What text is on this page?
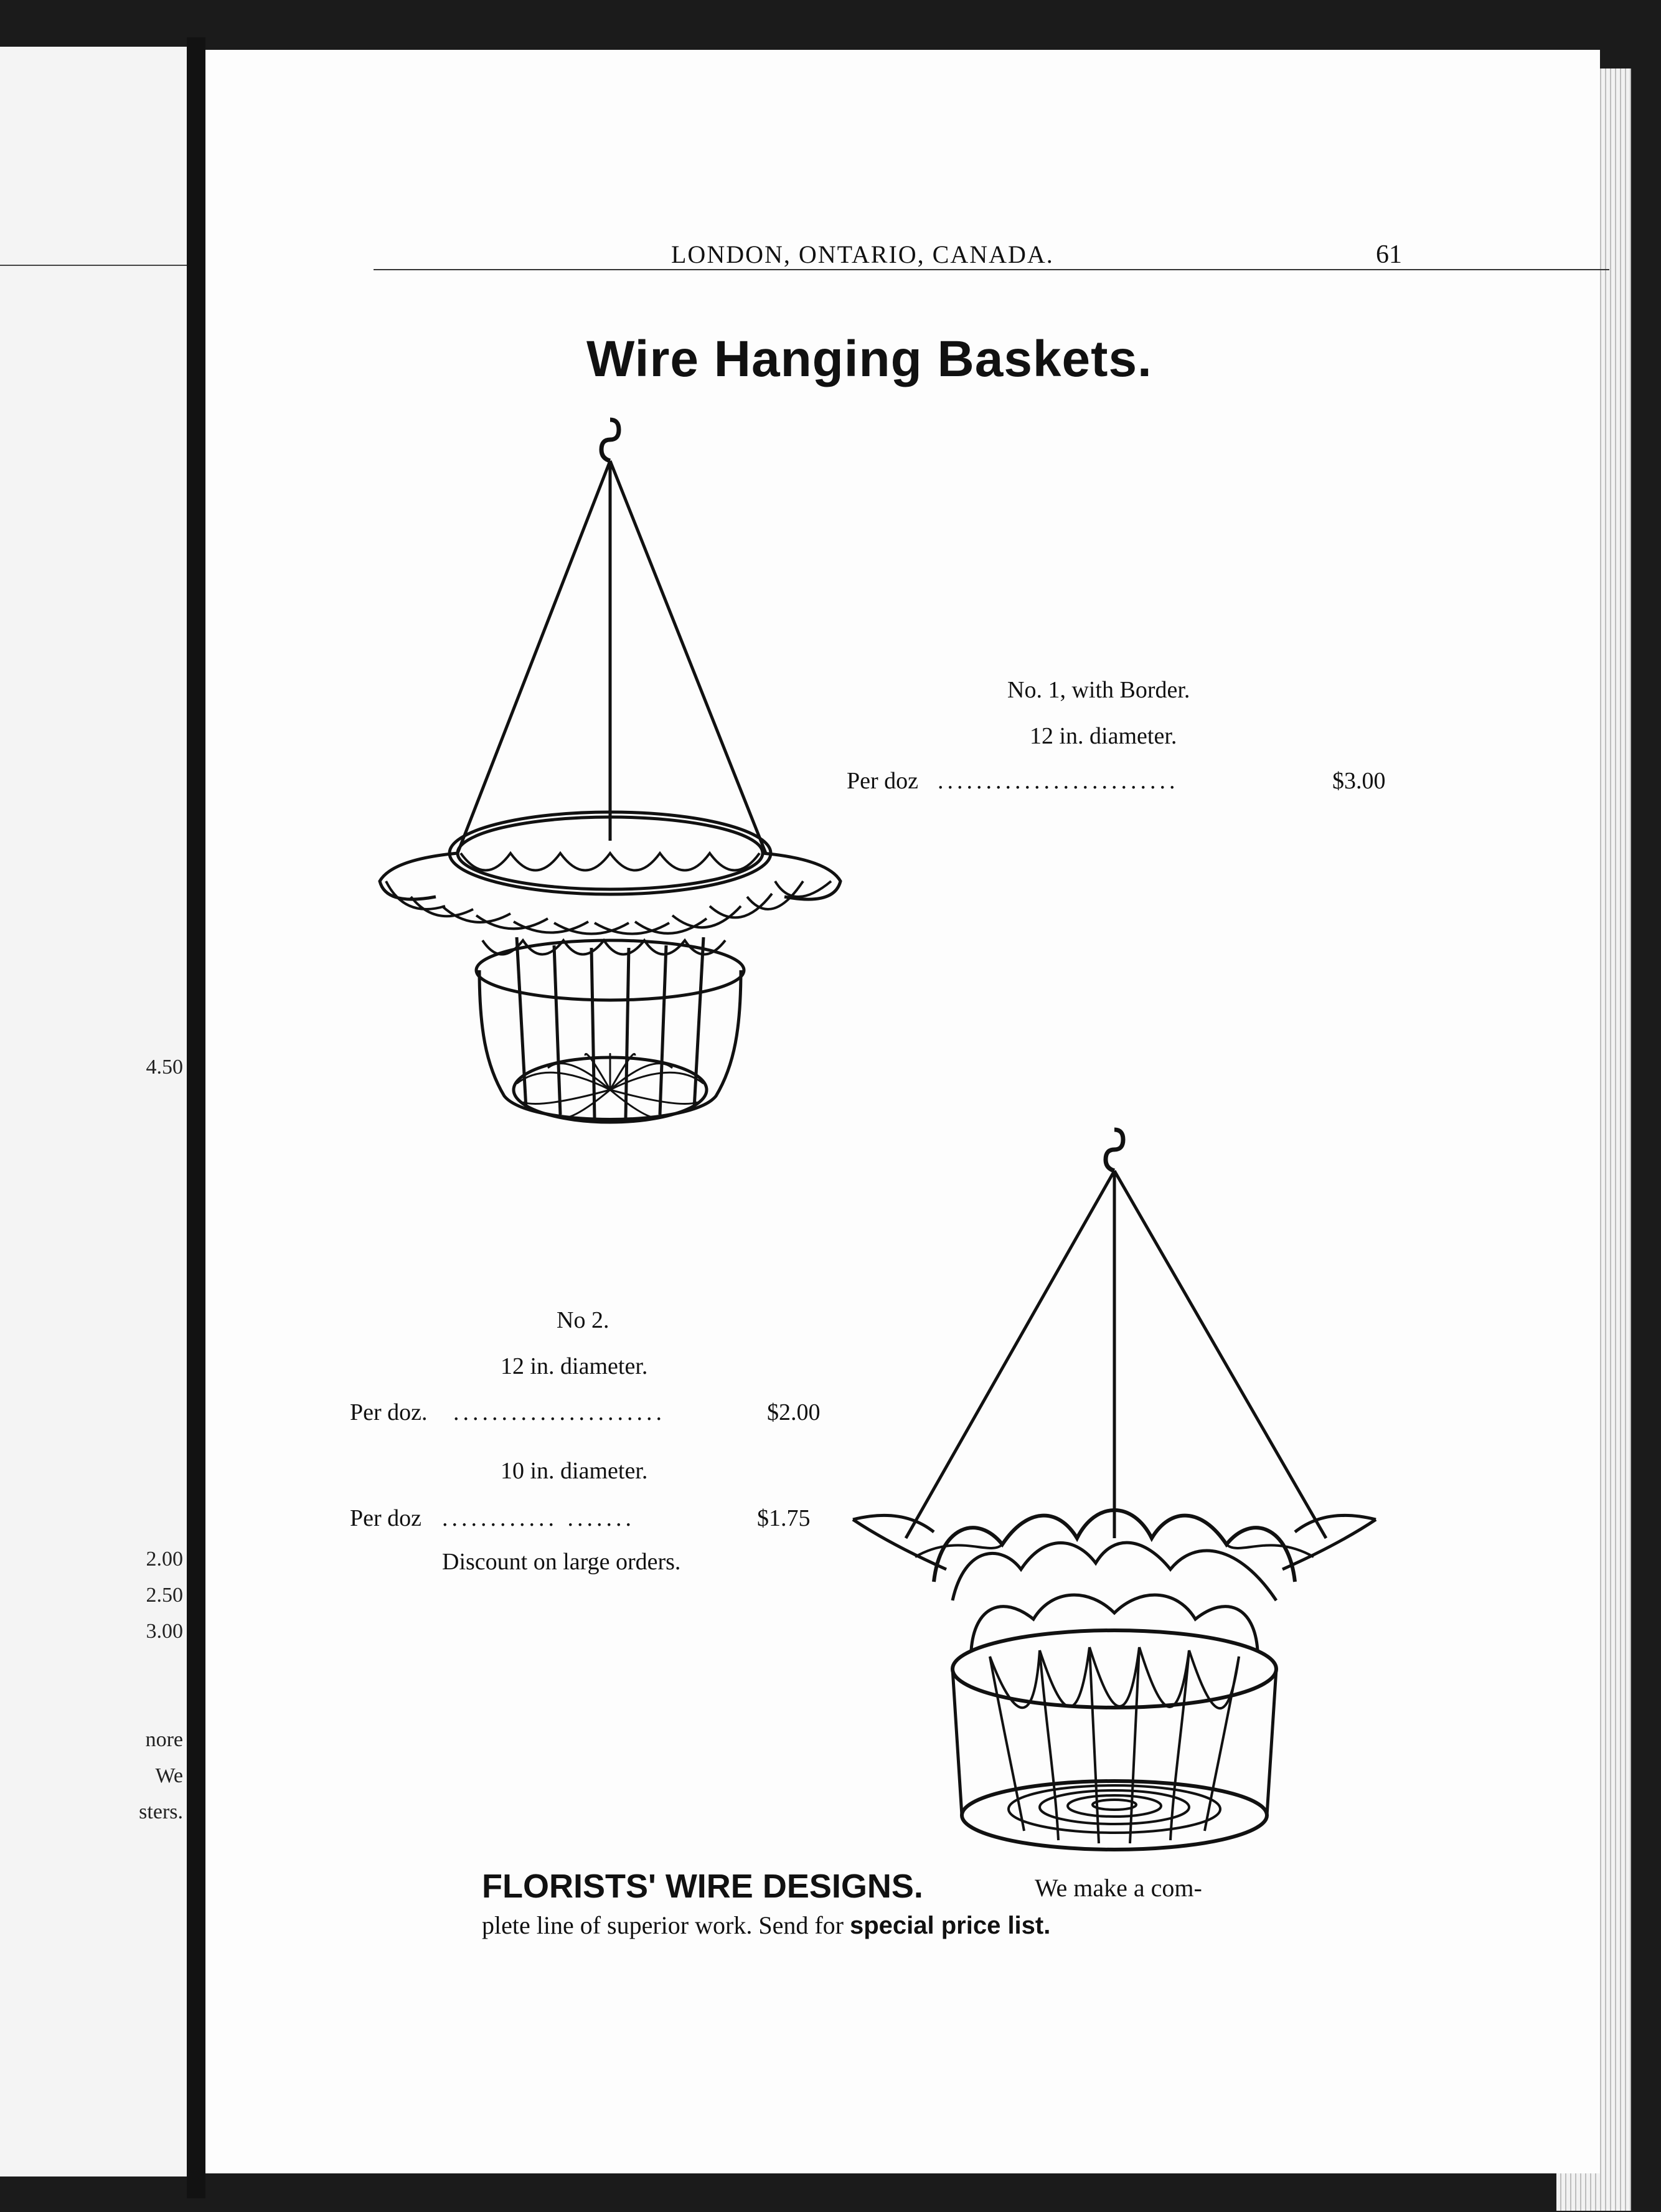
4.50
2.00
2.50
3.00
nore
We
sters.
LONDON, ONTARIO, CANADA.	61
Wire Hanging Baskets.
No. 1, with Border.
12 in. diameter.
Per doz .........................	$3.00
No 2.
12 in. diameter.
Per doz. ......................	$2.00
10 in. diameter.
Per doz ............ .......	$1.75
Discount on large orders.
FLORISTS' WIRE DESIGNS.	We make a com-
plete line of superior work. Send for special price list.
